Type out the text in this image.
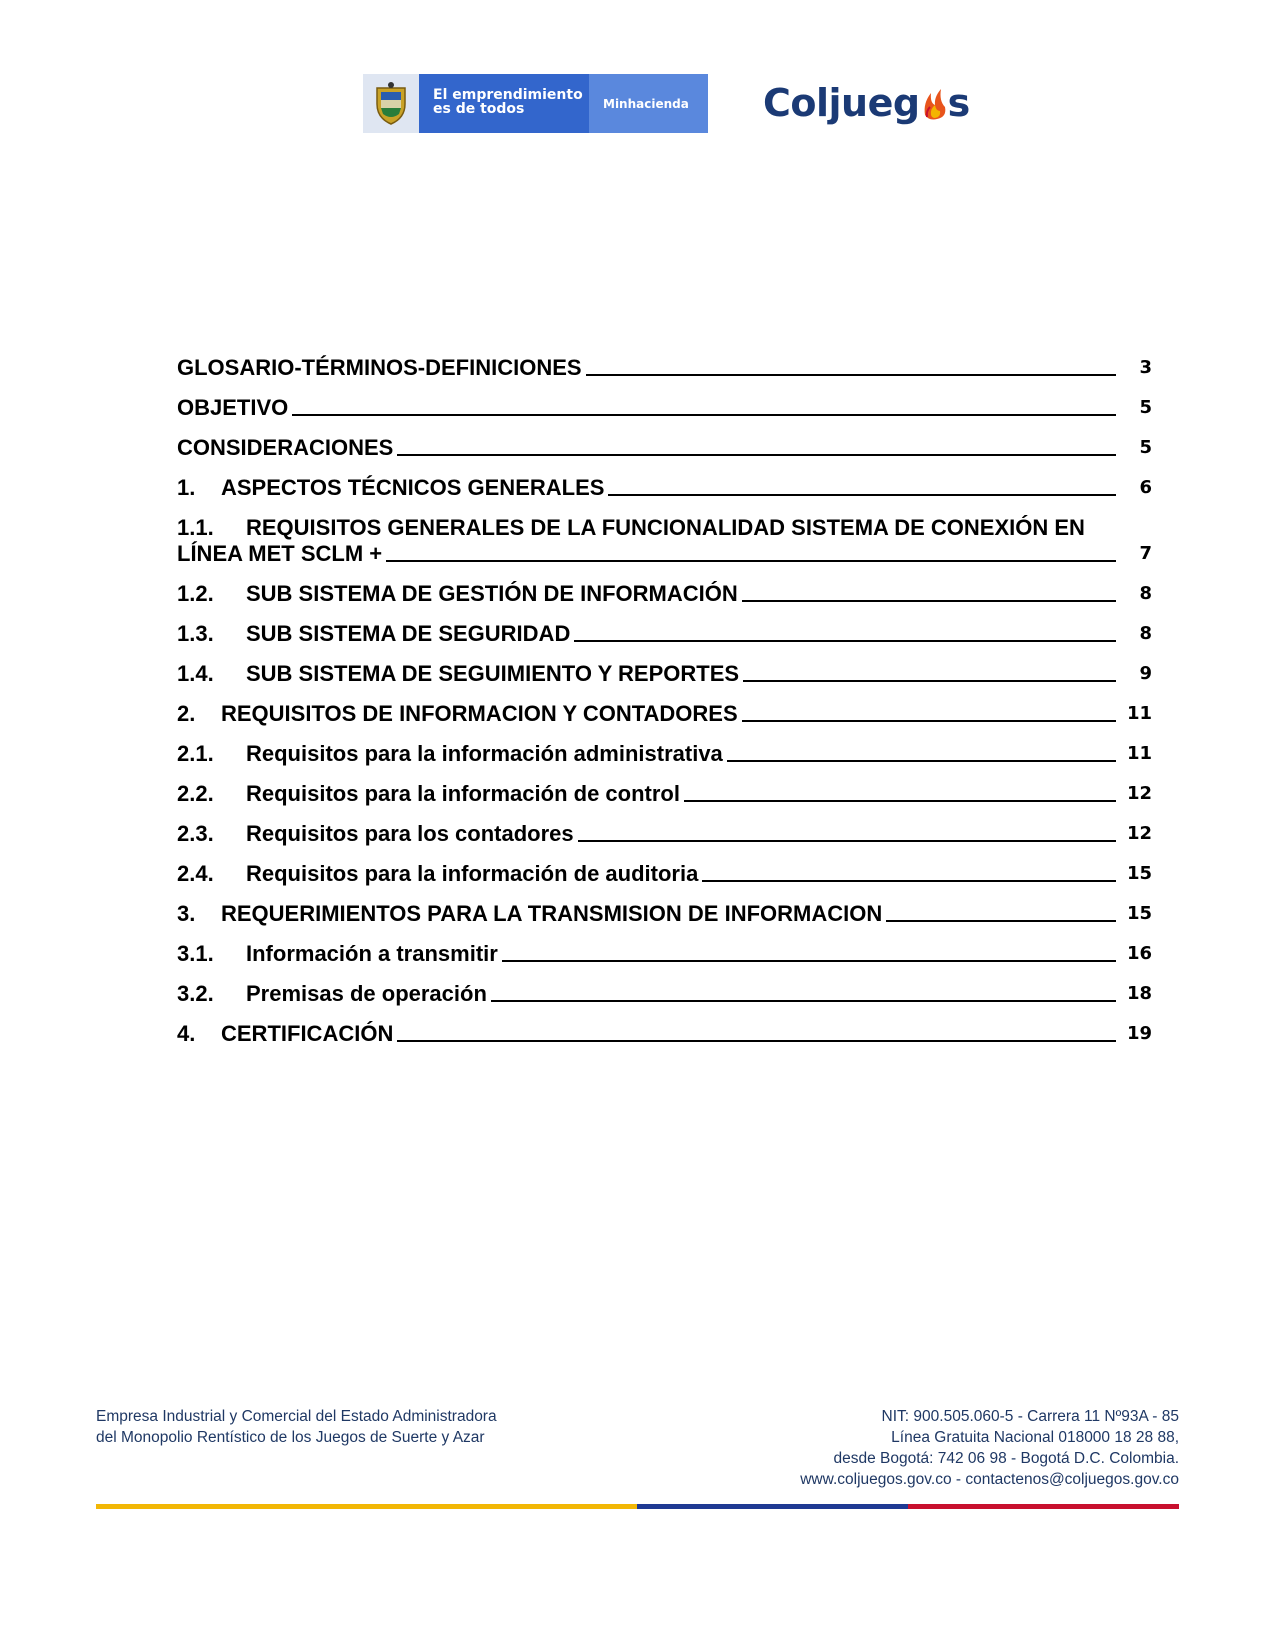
El emprendimiento
es de todos	Minhacienda	Coljueg s
GLOSARIO-TÉRMINOS-DEFINICIONES	3
OBJETIVO	5
CONSIDERACIONES	5
1.	ASPECTOS TÉCNICOS GENERALES	6
1.1.	REQUISITOS GENERALES DE LA FUNCIONALIDAD SISTEMA DE CONEXIÓN EN
LÍNEA MET SCLM +	7
1.2.	SUB SISTEMA DE GESTIÓN DE INFORMACIÓN	8
1.3.	SUB SISTEMA DE SEGURIDAD	8
1.4.	SUB SISTEMA DE SEGUIMIENTO Y REPORTES	9
2.	REQUISITOS DE INFORMACION Y CONTADORES	11
2.1.	Requisitos para la información administrativa	11
2.2.	Requisitos para la información de control	12
2.3.	Requisitos para los contadores	12
2.4.	Requisitos para la información de auditoria	15
3.	REQUERIMIENTOS PARA LA TRANSMISION DE INFORMACION	15
3.1.	Información a transmitir	16
3.2.	Premisas de operación	18
4.	CERTIFICACIÓN	19
Empresa Industrial y Comercial del Estado Administradora
del Monopolio Rentístico de los Juegos de Suerte y Azar
NIT: 900.505.060-5 - Carrera 11 Nº93A - 85
Línea Gratuita Nacional 018000 18 28 88,
desde Bogotá: 742 06 98 - Bogotá D.C. Colombia.
www.coljuegos.gov.co - contactenos@coljuegos.gov.co
